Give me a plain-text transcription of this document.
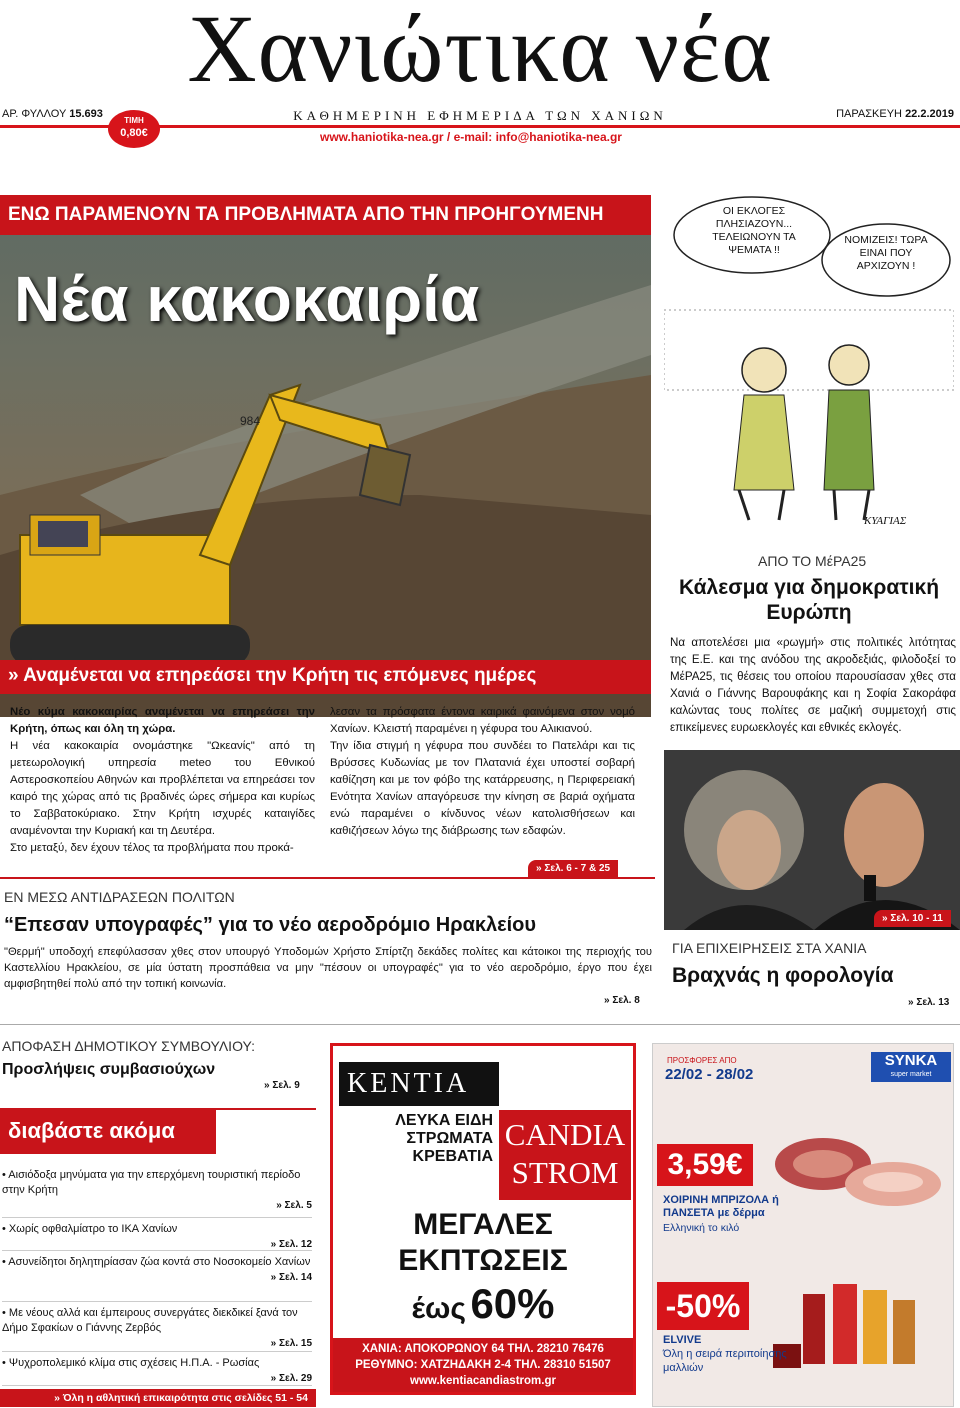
Χανιώτικα νέα
ΑΡ. ΦΥΛΛΟΥ 15.693	ΚΑΘΗΜΕΡΙΝΗ ΕΦΗΜΕΡΙΔΑ ΤΩΝ ΧΑΝΙΩΝ	ΠΑΡΑΣΚΕΥΗ 22.2.2019
ΤΙΜΗ
0,80€	www.haniotika-nea.gr / e-mail: info@haniotika-nea.gr
984
ΕΝΩ ΠΑΡΑΜΕΝΟΥΝ ΤΑ ΠΡΟΒΛΗΜΑΤΑ ΑΠΟ ΤΗΝ ΠΡΟΗΓΟΥΜΕΝΗ
Νέα κακοκαιρία
» Αναμένεται να επηρεάσει την Κρήτη τις επόμενες ημέρες

Νέο κύμα κακοκαιρίας αναμένεται να επηρεάσει την Κρήτη, όπως και όλη τη χώρα.

Η νέα κακοκαιρία ονομάστηκε "Ωκεανίς" από τη μετεωρολογική υπηρεσία meteo του Εθνικού Αστεροσκοπείου Αθηνών και προβλέπεται να επηρεάσει τον καιρό της χώρας από τις βραδινές ώρες σήμερα και κυρίως το Σαββατοκύριακο. Στην Κρήτη ισχυρές καταιγίδες αναμένονται την Κυριακή και τη Δευτέρα.

Στο μεταξύ, δεν έχουν τέλος τα προβλήματα που προκά-

λεσαν τα πρόσφατα έντονα καιρικά φαινόμενα στον νομό Χανίων. Κλειστή παραμένει η γέφυρα του Αλικιανού.

Την ίδια στιγμή η γέφυρα που συνδέει το Πατελάρι και τις Βρύσσες Κυδωνίας με τον Πλατανιά έχει υποστεί σοβαρή καθίζηση και με τον φόβο της κατάρρευσης, η Περιφερειακή Ενότητα Χανίων απαγόρευσε την κίνηση σε βαριά οχήματα ενώ παραμένει ο κίνδυνος νέων κατολισθήσεων και καθιζήσεων λόγω της διάβρωσης των εδαφών.

» Σελ. 6 - 7 & 25
ΟΙ ΕΚΛΟΓΕΣ ΠΛΗΣΙΑΖΟΥΝ... ΤΕΛΕΙΩΝΟΥΝ ΤΑ ΨΕΜΑΤΑ !!
ΝΟΜΙΖΕΙΣ! ΤΩΡΑ ΕΙΝΑΙ ΠΟΥ ΑΡΧΙΖΟΥΝ !
ΚΥΑΓΙΑΣ
ΑΠΟ ΤΟ ΜέΡΑ25
Κάλεσμα για δημοκρατική Ευρώπη
Να αποτελέσει μια «ρωγμή» στις πολιτικές λιτότητας της Ε.Ε. και της ανόδου της ακροδεξιάς, φιλοδοξεί το ΜέΡΑ25, τις θέσεις του οποίου παρουσίασαν χθες στα Χανιά ο Γιάννης Βαρουφάκης και η Σοφία Σακοράφα καλώντας τους πολίτες σε μαζική συμμετοχή στις επικείμενες ευρωεκλογές και εθνικές εκλογές.
» Σελ. 10 - 11
ΕΝ ΜΕΣΩ ΑΝΤΙΔΡΑΣΕΩΝ ΠΟΛΙΤΩΝ
“Επεσαν υπογραφές” για το νέο αεροδρόμιο Ηρακλείου
"Θερμή" υποδοχή επεφύλασσαν χθες στον υπουργό Υποδομών Χρήστο Σπίρτζη δεκάδες πολίτες και κάτοικοι της περιοχής του Καστελλίου Ηρακλείου, σε μία ύστατη προσπάθεια να μην "πέσουν οι υπογραφές" για το νέο αεροδρόμιο, έργο που έχει αμφισβητηθεί πολύ από την τοπική κοινωνία.
» Σελ. 8
ΓΙΑ ΕΠΙΧΕΙΡΗΣΕΙΣ ΣΤΑ ΧΑΝΙΑ
Βραχνάς η φορολογία
» Σελ. 13
ΑΠΟΦΑΣΗ ΔΗΜΟΤΙΚΟΥ ΣΥΜΒΟΥΛΙΟΥ:
Προσλήψεις συμβασιούχων
» Σελ. 9
διαβάστε ακόμα
• Αισιόδοξα μηνύματα για την επερχόμενη τουριστική περίοδο στην Κρήτη
» Σελ. 5
• Χωρίς οφθαλμίατρο το ΙΚΑ Χανίων
» Σελ. 12
• Ασυνείδητοι δηλητηρίασαν ζώα κοντά στο Νοσοκομείο Χανίων
» Σελ. 14
• Με νέους αλλά και έμπειρους συνεργάτες διεκδικεί ξανά τον Δήμο Σφακίων ο Γιάννης Ζερβός
» Σελ. 15
• Ψυχροπολεμικό κλίμα στις σχέσεις Η.Π.Α. - Ρωσίας
» Σελ. 29
» Όλη η αθλητική επικαιρότητα στις σελίδες 51 - 54
KENTIA
ΛΕΥΚΑ ΕΙΔΗ ΣΤΡΩΜΑΤΑ ΚΡΕΒΑΤΙΑ
CANDIA STROM
ΜΕΓΑΛΕΣ
ΕΚΠΤΩΣΕΙΣ
έως 60%
ΧΑΝΙΑ: ΑΠΟΚΟΡΩΝΟΥ 64 ΤΗΛ. 28210 76476
ΡΕΘΥΜΝΟ: ΧΑΤΖΗΔΑΚΗ 2-4 ΤΗΛ. 28310 51507
www.kentiacandiastrom.gr
ΠΡΟΣΦΟΡΕΣ ΑΠΟ
22/02 - 28/02
SYNKA
super market
3,59€
ΧΟΙΡΙΝΗ ΜΠΡΙΖΟΛΑ ή ΠΑΝΣΕΤΑ με δέρμα
Ελληνική το κιλό
-50%
ELVIVE
Όλη η σειρά περιποίησης μαλλιών
